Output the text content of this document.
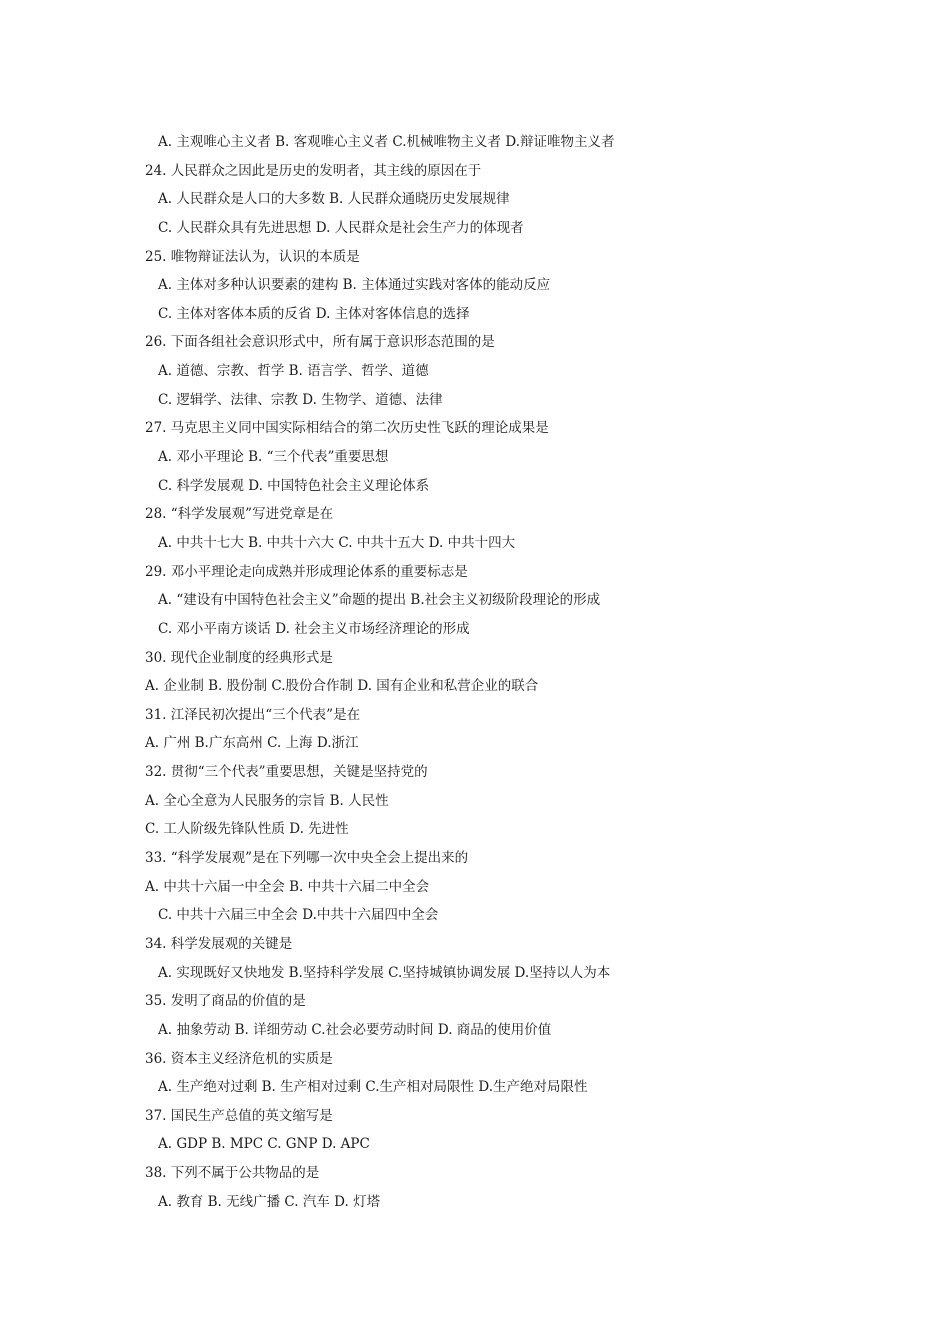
A. 主观唯心主义者 B. 客观唯心主义者 C.机械唯物主义者 D.辩证唯物主义者
24. 人民群众之因此是历史的发明者，其主线的原因在于
A. 人民群众是人口的大多数 B. 人民群众通晓历史发展规律
C. 人民群众具有先进思想 D. 人民群众是社会生产力的体现者
25. 唯物辩证法认为，认识的本质是
A. 主体对多种认识要素的建构 B. 主体通过实践对客体的能动反应
C. 主体对客体本质的反省 D. 主体对客体信息的选择
26. 下面各组社会意识形式中，所有属于意识形态范围的是
A. 道德、宗教、哲学 B. 语言学、哲学、道德
C. 逻辑学、法律、宗教 D. 生物学、道德、法律
27. 马克思主义同中国实际相结合的第二次历史性飞跃的理论成果是
A. 邓小平理论 B. “三个代表”重要思想
C. 科学发展观 D. 中国特色社会主义理论体系
28. “科学发展观”写进党章是在
A. 中共十七大 B. 中共十六大 C. 中共十五大 D. 中共十四大
29. 邓小平理论走向成熟并形成理论体系的重要标志是
A. “建设有中国特色社会主义”命题的提出 B.社会主义初级阶段理论的形成
C. 邓小平南方谈话 D. 社会主义市场经济理论的形成
30. 现代企业制度的经典形式是
A. 企业制 B. 股份制 C.股份合作制 D. 国有企业和私营企业的联合
31. 江泽民初次提出“三个代表”是在
A. 广州 B.广东高州 C. 上海 D.浙江
32. 贯彻“三个代表”重要思想，关键是坚持党的
A. 全心全意为人民服务的宗旨 B. 人民性
C. 工人阶级先锋队性质 D. 先进性
33. “科学发展观”是在下列哪一次中央全会上提出来的
A. 中共十六届一中全会 B. 中共十六届二中全会
C. 中共十六届三中全会 D.中共十六届四中全会
34. 科学发展观的关键是
A. 实现既好又快地发 B.坚持科学发展 C.坚持城镇协调发展 D.坚持以人为本
35. 发明了商品的价值的是
A. 抽象劳动 B. 详细劳动 C.社会必要劳动时间 D. 商品的使用价值
36. 资本主义经济危机的实质是
A. 生产绝对过剩 B. 生产相对过剩 C.生产相对局限性 D.生产绝对局限性
37. 国民生产总值的英文缩写是
A. GDP B. MPC C. GNP D. APC
38. 下列不属于公共物品的是
A. 教育 B. 无线广播 C. 汽车 D. 灯塔
